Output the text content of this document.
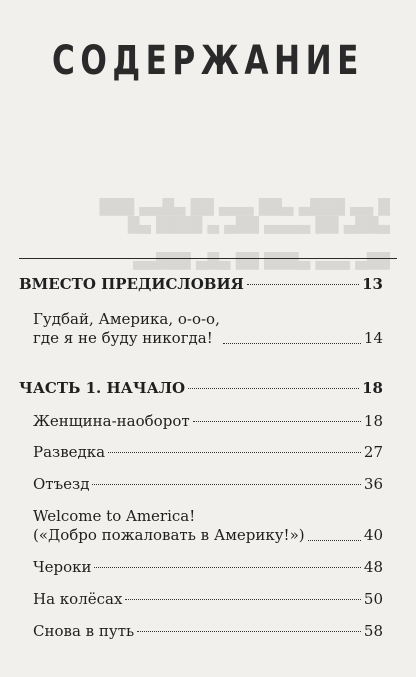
СОДЕРЖАНИЕ
█ ▄▄ ███▄ ▄██ ▄▄▄ ██ ▄█▄▄ ███
▄██▄ ██ ▄▄▄▄ ██▄ ▄ ████ ▄█
██▄ ▄▄▄ ▄███ ██ ▄█▄ ███▄▄
ВМЕСТО ПРЕДИСЛОВИЯ	13
Гудбай, Америка, о-о-о,
где я не буду никогда!	14
ЧАСТЬ 1. НАЧАЛО	18
Женщина-наоборот	18
Разведка	27
Отъезд	36
Welcome to America!
(«Добро пожаловать в Америку!»)	40
Чероки	48
На колёсах	50
Снова в путь	58
